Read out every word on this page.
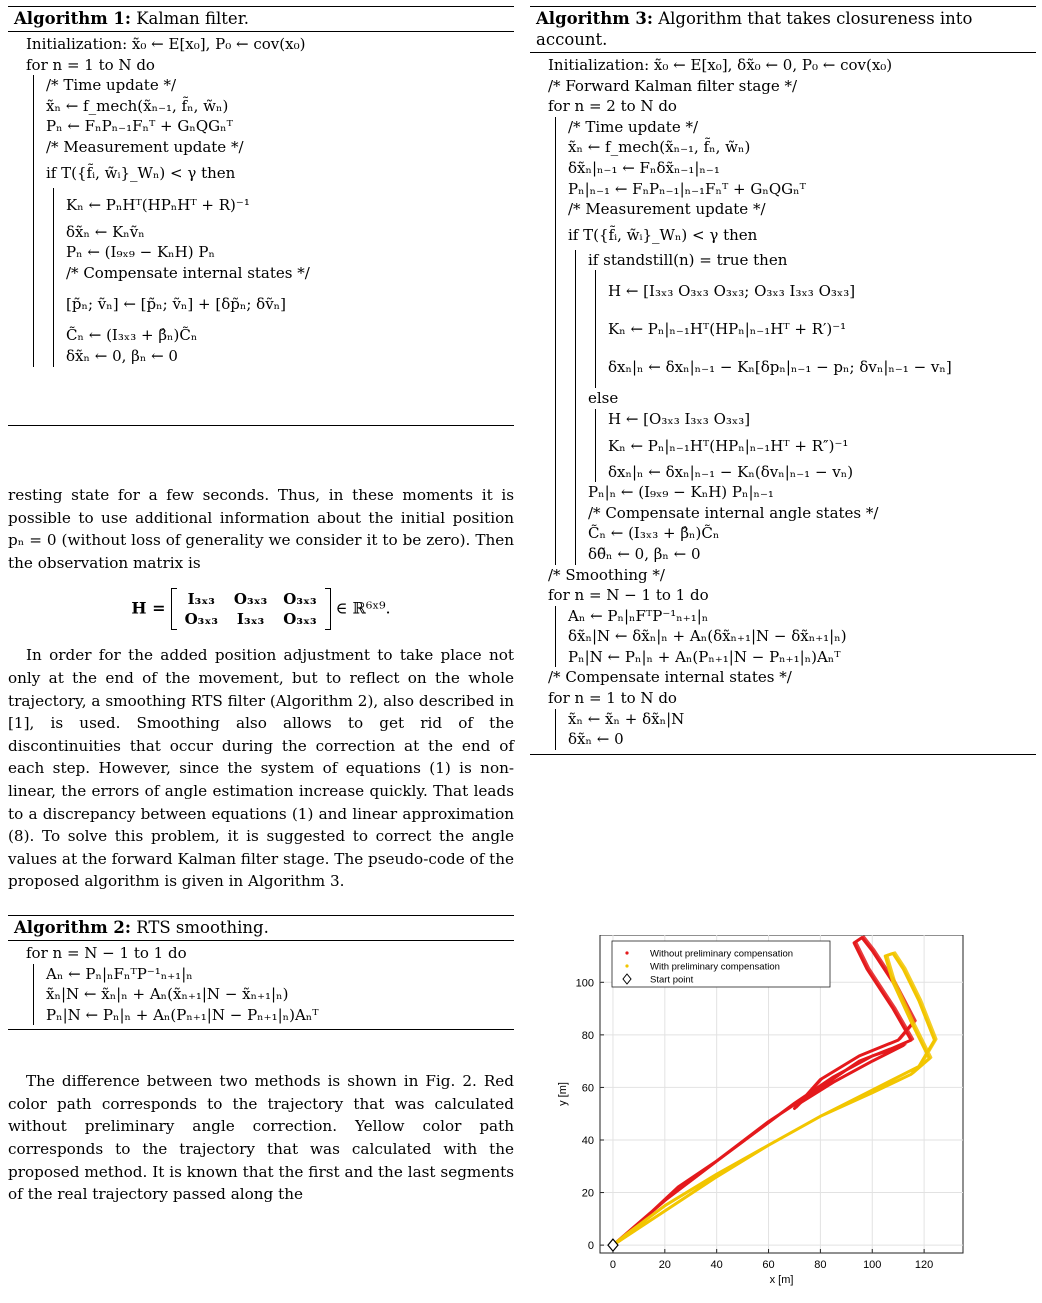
Algorithm 1: Kalman filter.
Initialization: x̃₀ ← E[x₀], P₀ ← cov(x₀)
for n = 1 to N do
/* Time update */
x̃ₙ ← f_mech(x̃ₙ₋₁, f̃ₙ, w̃ₙ)
Pₙ ← FₙPₙ₋₁Fₙᵀ + GₙQGₙᵀ
/* Measurement update */
if T({f̃ᵢ, w̃ᵢ}_Wₙ) < γ then
Kₙ ← PₙHᵀ(HPₙHᵀ + R)⁻¹
δx̃ₙ ← Kₙṽₙ
Pₙ ← (I₉ₓ₉ − KₙH) Pₙ
/* Compensate internal states */
[p̃ₙ; ṽₙ] ← [p̃ₙ; ṽₙ] + [δp̃ₙ; δṽₙ]
C̃ₙ ← (I₃ₓ₃ + β̂ₙ)C̃ₙ
δx̃ₙ ← 0, βₙ ← 0

resting state for a few seconds. Thus, in these moments it is possible to use additional information about the initial position pₙ = 0 (without loss of generality we consider it to be zero). Then the observation matrix is

H = I₃ₓ₃	O₃ₓ₃	O₃ₓ₃
O₃ₓ₃	I₃ₓ₃	O₃ₓ₃
∈ ℝ⁶ˣ⁹.

In order for the added position adjustment to take place not only at the end of the movement, but to reflect on the whole trajectory, a smoothing RTS filter (Algorithm 2), also described in [1], is used. Smoothing also allows to get rid of the discontinuities that occur during the correction at the end of each step. However, since the system of equations (1) is non-linear, the errors of angle estimation increase quickly. That leads to a discrepancy between equations (1) and linear approximation (8). To solve this problem, it is suggested to correct the angle values at the forward Kalman filter stage. The pseudo-code of the proposed algorithm is given in Algorithm 3.

Algorithm 2: RTS smoothing.
for n = N − 1 to 1 do
Aₙ ← Pₙ|ₙFₙᵀP⁻¹ₙ₊₁|ₙ
x̃ₙ|N ← x̃ₙ|ₙ + Aₙ(x̃ₙ₊₁|N − x̃ₙ₊₁|ₙ)
Pₙ|N ← Pₙ|ₙ + Aₙ(Pₙ₊₁|N − Pₙ₊₁|ₙ)Aₙᵀ

The difference between two methods is shown in Fig. 2. Red color path corresponds to the trajectory that was calculated without preliminary angle correction. Yellow color path corresponds to the trajectory that was calculated with the proposed method. It is known that the first and the last segments of the real trajectory passed along the

Algorithm 3: Algorithm that takes closureness into account.
Initialization: x̃₀ ← E[x₀], δx̃₀ ← 0, P₀ ← cov(x₀)
/* Forward Kalman filter stage */
for n = 2 to N do
/* Time update */
x̃ₙ ← f_mech(x̃ₙ₋₁, f̃ₙ, w̃ₙ)
δx̃ₙ|ₙ₋₁ ← Fₙδx̃ₙ₋₁|ₙ₋₁
Pₙ|ₙ₋₁ ← FₙPₙ₋₁|ₙ₋₁Fₙᵀ + GₙQGₙᵀ
/* Measurement update */
if T({f̃ᵢ, w̃ᵢ}_Wₙ) < γ then
if standstill(n) = true then
H ← [I₃ₓ₃ O₃ₓ₃ O₃ₓ₃; O₃ₓ₃ I₃ₓ₃ O₃ₓ₃]
Kₙ ← Pₙ|ₙ₋₁Hᵀ(HPₙ|ₙ₋₁Hᵀ + R′)⁻¹
δxₙ|ₙ ← δxₙ|ₙ₋₁ − Kₙ[δpₙ|ₙ₋₁ − pₙ; δvₙ|ₙ₋₁ − vₙ]
else
H ← [O₃ₓ₃ I₃ₓ₃ O₃ₓ₃]
Kₙ ← Pₙ|ₙ₋₁Hᵀ(HPₙ|ₙ₋₁Hᵀ + R″)⁻¹
δxₙ|ₙ ← δxₙ|ₙ₋₁ − Kₙ(δvₙ|ₙ₋₁ − vₙ)
Pₙ|ₙ ← (I₉ₓ₉ − KₙH) Pₙ|ₙ₋₁
/* Compensate internal angle states */
C̃ₙ ← (I₃ₓ₃ + β̂ₙ)C̃ₙ
δθ̃ₙ ← 0, βₙ ← 0
/* Smoothing */
for n = N − 1 to 1 do
Aₙ ← Pₙ|ₙFᵀP⁻¹ₙ₊₁|ₙ
δx̃ₙ|N ← δx̃ₙ|ₙ + Aₙ(δx̃ₙ₊₁|N − δx̃ₙ₊₁|ₙ)
Pₙ|N ← Pₙ|ₙ + Aₙ(Pₙ₊₁|N − Pₙ₊₁|ₙ)Aₙᵀ
/* Compensate internal states */
for n = 1 to N do
x̃ₙ ← x̃ₙ + δx̃ₙ|N
δx̃ₙ ← 0
0	20	40	60	80	100	120
0
20
40
60
80
100
x [m]
y [m]
Without preliminary compensation
With preliminary compensation
Start point
